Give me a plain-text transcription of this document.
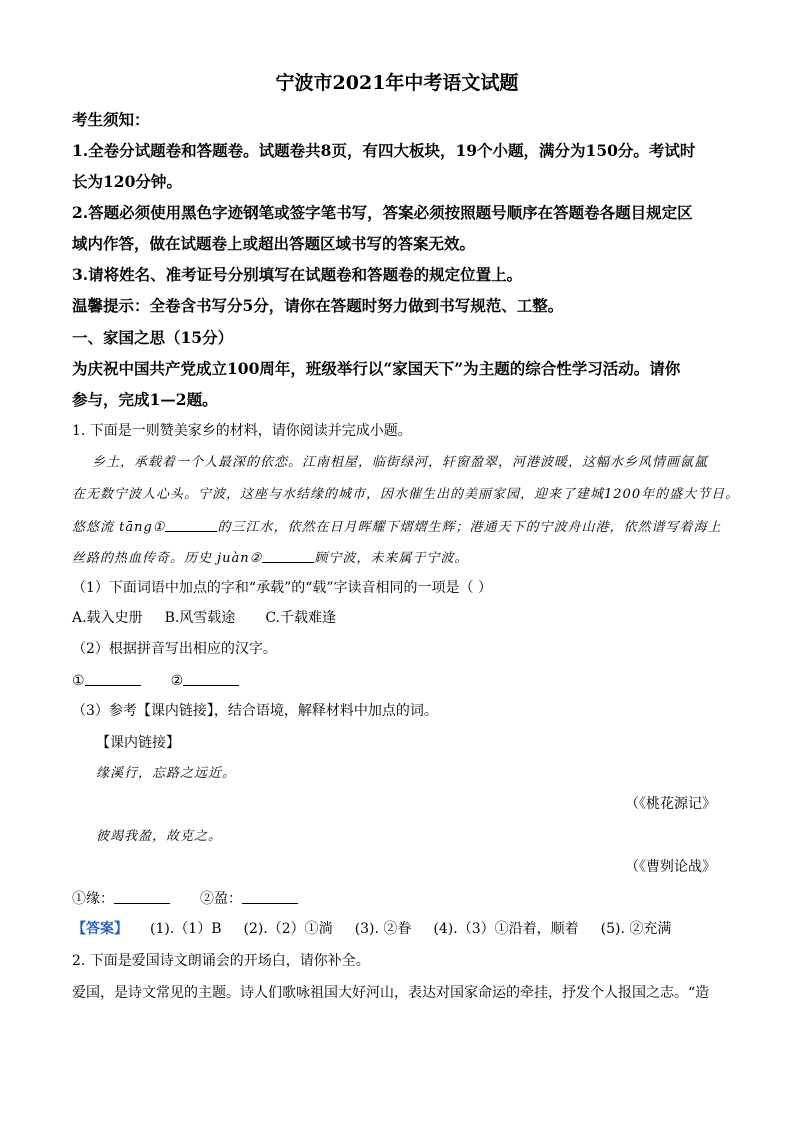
宁波市2021年中考语文试题
考生须知：
1.全卷分试题卷和答题卷。试题卷共8页，有四大板块，19个小题，满分为150分。考试时
长为120分钟。
2.答题必须使用黑色字迹钢笔或签字笔书写，答案必须按照题号顺序在答题卷各题目规定区
域内作答，做在试题卷上或超出答题区域书写的答案无效。
3.请将姓名、准考证号分别填写在试题卷和答题卷的规定位置上。
温馨提示：全卷含书写分5分，请你在答题时努力做到书写规范、工整。
一、家国之思（15分）
为庆祝中国共产党成立100周年，班级举行以“家国天下”为主题的综合性学习活动。请你
参与，完成1—2题。
1. 下面是一则赞美家乡的材料，请你阅读并完成小题。
乡土，承载着一个人最深的依恋。江南柤屋，临街绿河，轩窗盈翠，河港波暖，这幅水乡风情画氤氲
在无数宁波人心头。宁波，这座与水结缘的城市，因水催生出的美丽家园，迎来了建城1200年的盛大节日。
悠悠流 tāng①	的三江水，依然在日月晖耀下熠熠生辉；港通天下的宁波舟山港，依然谱写着海上
丝路的热血传奇。历史 juàn②	顾宁波，未来属于宁波。
（1）下面词语中加点的字和“承载”的“载”字读音相同的一项是（ ）
A.载入史册 B.风雪载途 C.千载难逢
（2）根据拼音写出相应的汉字。
①	②
（3）参考【课内链接】，结合语境，解释材料中加点的词。
【课内链接】
缘溪行，忘路之远近。
（《桃花源记》
彼竭我盈，故克之。
（《曹刿论战》
①缘：	②盈：
【答案】 (1).（1）B (2).（2）①淌 (3). ②眷 (4).（3）①沿着，顺着 (5). ②充满
2. 下面是爱国诗文朗诵会的开场白，请你补全。
爱国，是诗文常见的主题。诗人们歌咏祖国大好河山，表达对国家命运的牵挂，抒发个人报国之志。“造
